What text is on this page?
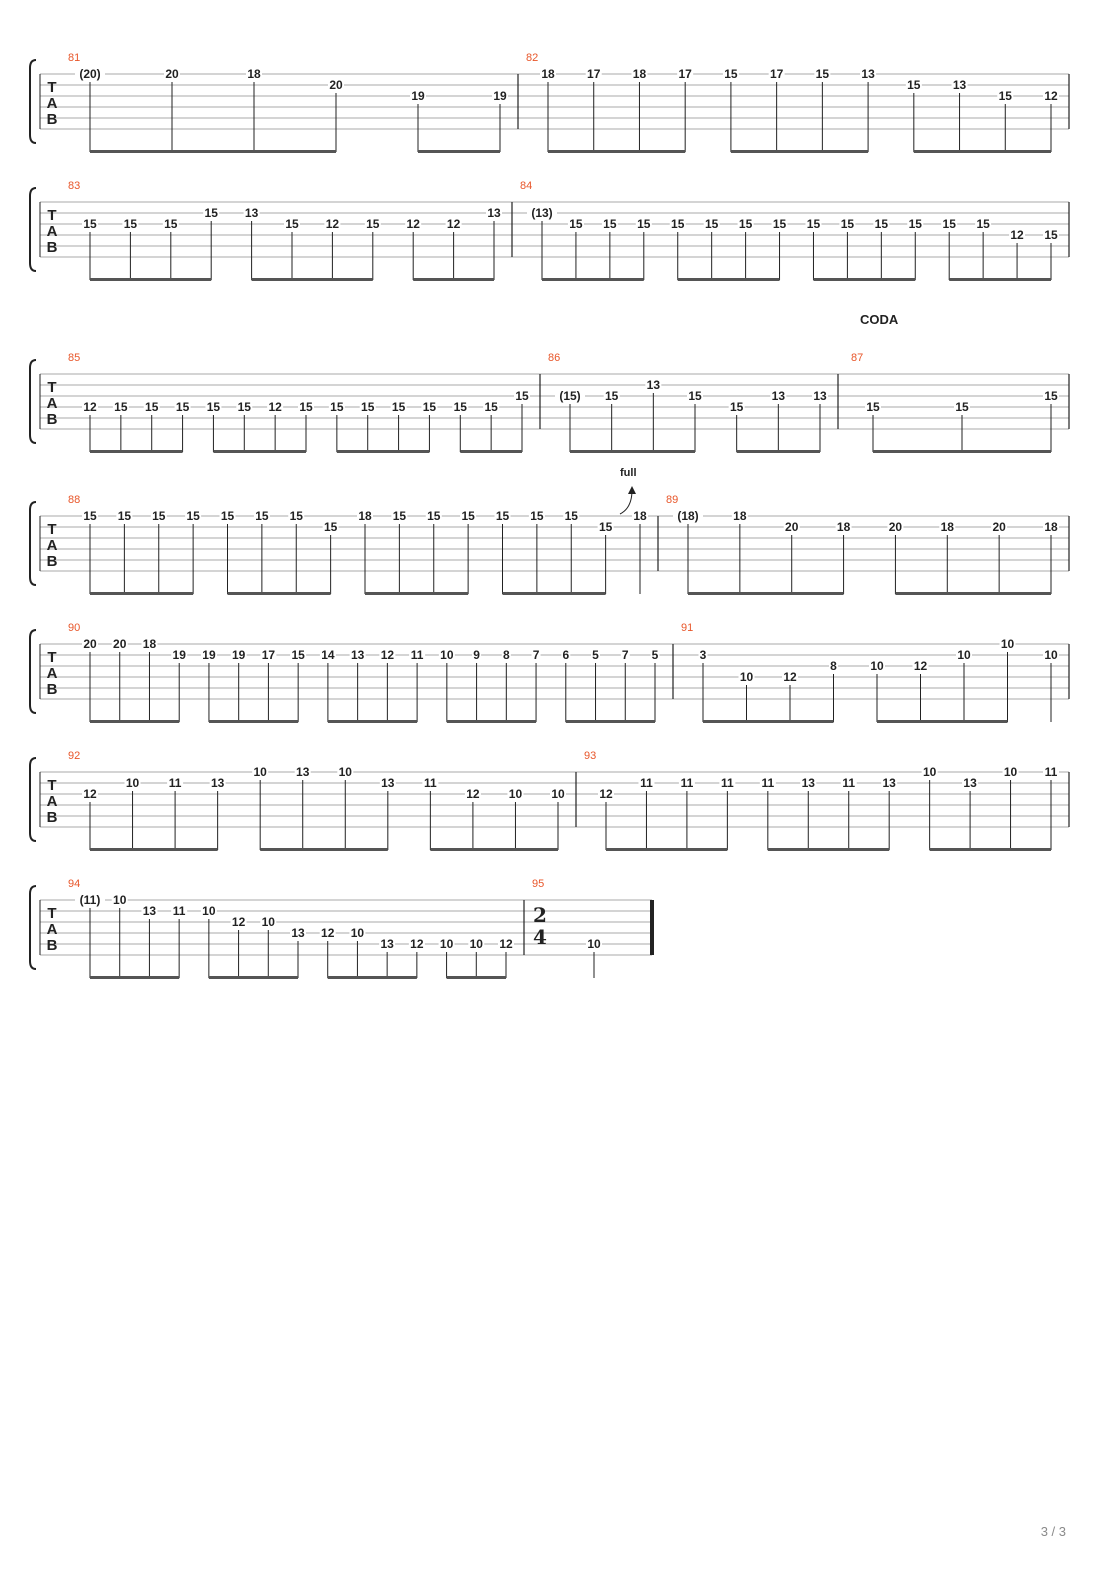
T
A
B
81
(20)	20	18
20
19	19
82
18	17	18	17	15	17	15	13
15	13
15	12
T
A
B
83
15 15 15
15 13
15 12 15 12 12
13
84
(13)
15 15 15 15 15 15 15 15 15 15 15 15 15
12 15
T
A
B
85
12 15 15 15 15 15 12 15 15 15 15 15 15 15
15
86
(15) 15
13
15
15
13 13
87
15	15
15
T
A
B
88
15 15 15 15 15 15 15
15
18 15 15 15 15 15 15
15
18
89
(18)	18
20	18	20	18	20	18
T
A
B
90
20 20 18
19 19 19 17 15 14 13 12 11 10 9 8 7 6 5 7 5
91
3
10	12
8	10	12
10
10
10
T
A
B
92
12
10 11 13
10 13 10
13 11
12 10 10
93
12
11 11 11 11 13 11 13
10
13
10 11
T
A
B
94
(11) 10
13 11 10
12 10
13 12 10
13 12 10 10 12
95
10
CODA
full
2
4
3 / 3
